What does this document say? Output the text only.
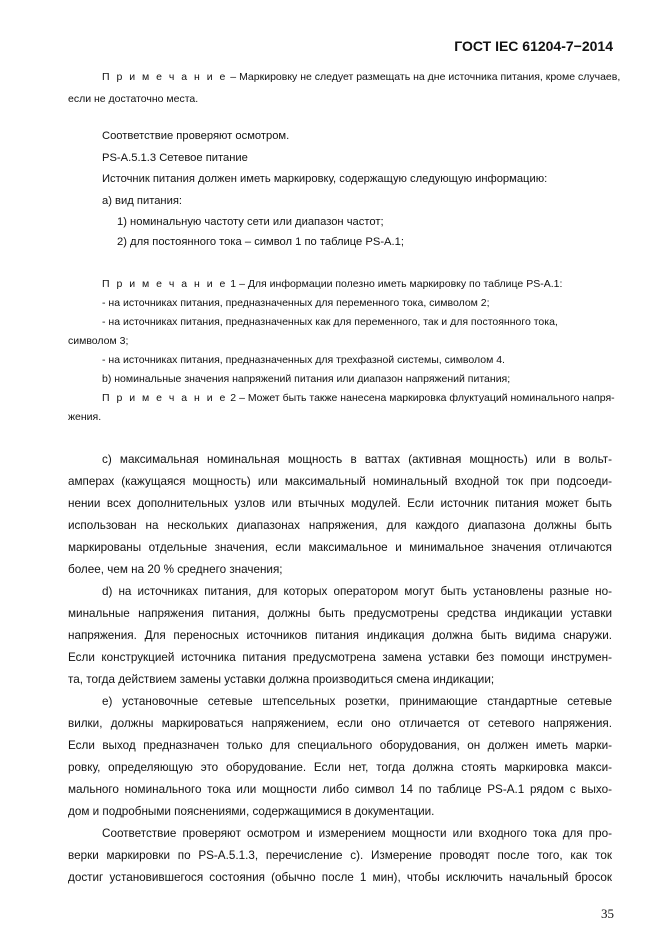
ГОСТ IEC 61204-7−2014
П р и м е ч а н и е – Маркировку не следует размещать на дне источника питания, кроме случаев,
если не достаточно места.
Соответствие проверяют осмотром.
PS-A.5.1.3 Сетевое питание
Источник питания должен иметь маркировку, содержащую следующую информацию:
a) вид питания:
1) номинальную частоту сети или диапазон частот;
2) для постоянного тока – символ 1 по таблице PS-A.1;
П р и м е ч а н и е 1 – Для информации полезно иметь маркировку по таблице PS-A.1:
- на источниках питания, предназначенных для переменного тока, символом 2;
- на источниках питания, предназначенных как для переменного, так и для постоянного тока,
символом 3;
- на источниках питания, предназначенных для трехфазной системы, символом 4.
b) номинальные значения напряжений питания или диапазон напряжений питания;
П р и м е ч а н и е 2 – Может быть также нанесена маркировка флуктуаций номинального напря-
жения.
c) максимальная номинальная мощность в ваттах (активная мощность) или в вольт-
амперах (кажущаяся мощность) или максимальный номинальный входной ток при подсоеди-
нении всех дополнительных узлов или втычных модулей. Если источник питания может быть
использован на нескольких диапазонах напряжения, для каждого диапазона должны быть
маркированы отдельные значения, если максимальное и минимальное значения отличаются
более, чем на 20 % среднего значения;
d) на источниках питания, для которых оператором могут быть установлены разные но-
минальные напряжения питания, должны быть предусмотрены средства индикации уставки
напряжения. Для переносных источников питания индикация должна быть видима снаружи.
Если конструкцией источника питания предусмотрена замена уставки без помощи инструмен-
та, тогда действием замены уставки должна производиться смена индикации;
e) установочные сетевые штепсельных розетки, принимающие стандартные сетевые
вилки, должны маркироваться напряжением, если оно отличается от сетевого напряжения.
Если выход предназначен только для специального оборудования, он должен иметь марки-
ровку, определяющую это оборудование. Если нет, тогда должна стоять маркировка макси-
мального номинального тока или мощности либо символ 14 по таблице PS-A.1 рядом с выхо-
дом и подробными пояснениями, содержащимися в документации.
Соответствие проверяют осмотром и измерением мощности или входного тока для про-
верки маркировки по PS-A.5.1.3, перечисление с). Измерение проводят после того, как ток
достиг установившегося состояния (обычно после 1 мин), чтобы исключить начальный бросок
35
